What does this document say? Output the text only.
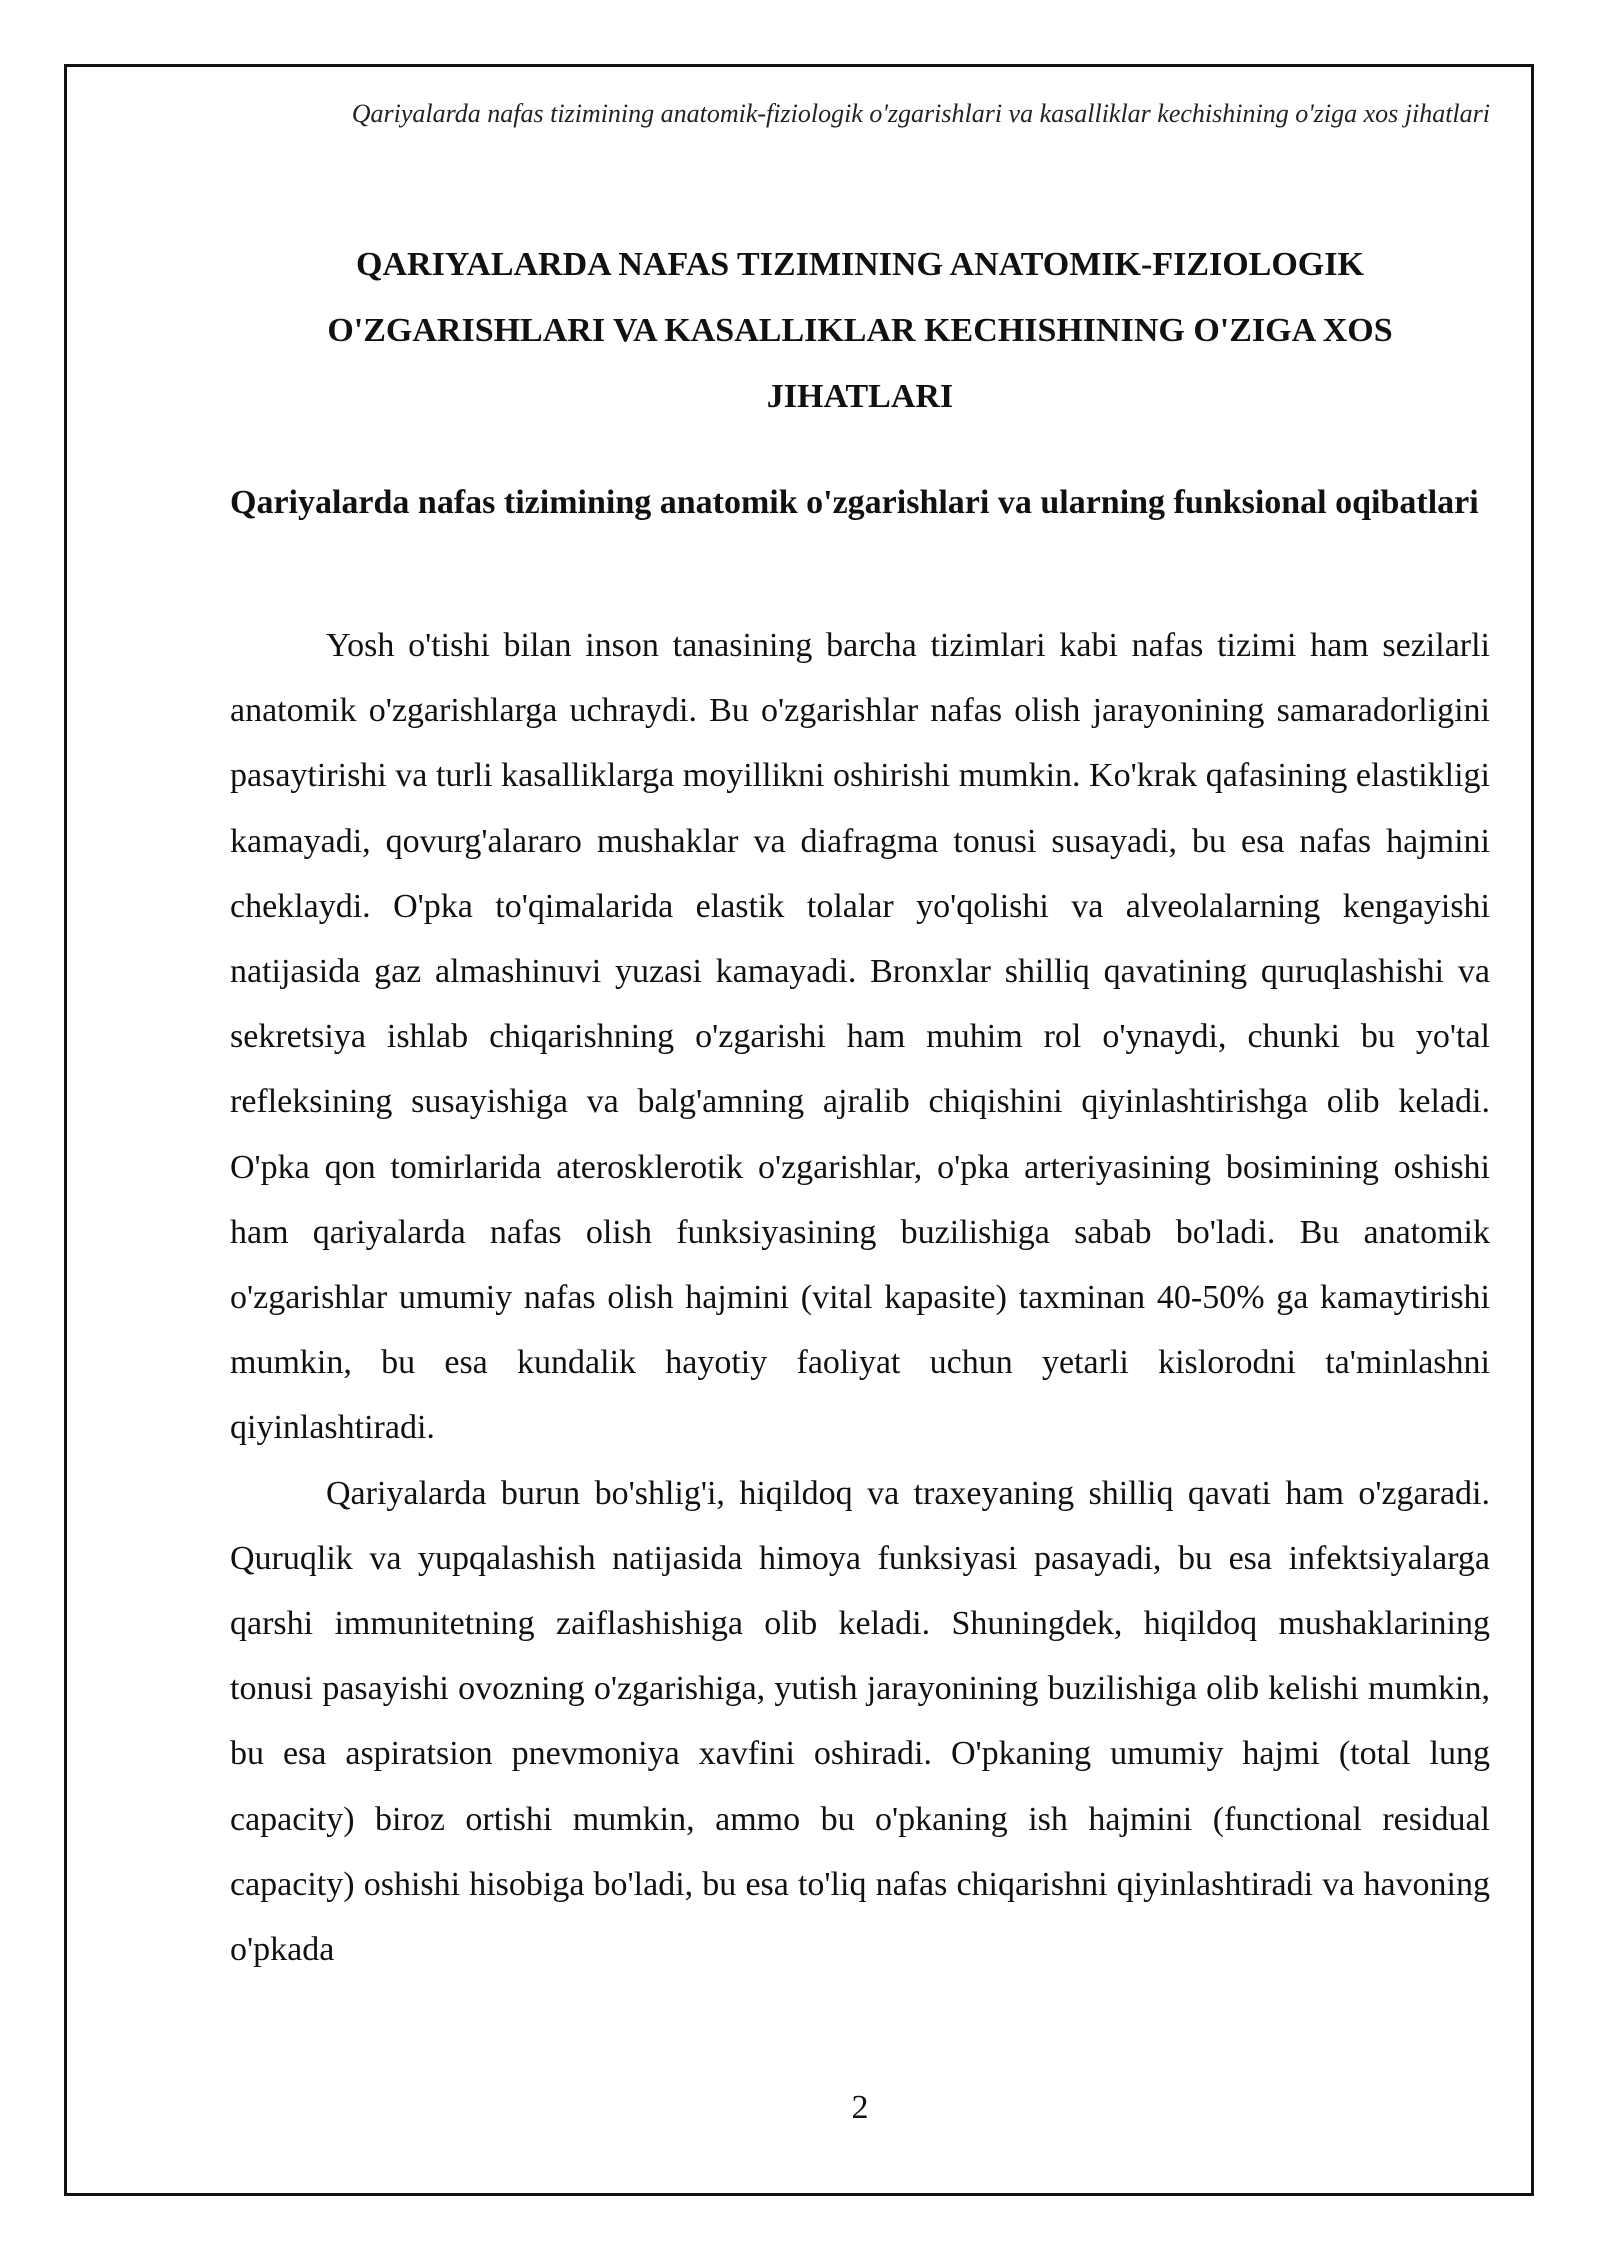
Qariyalarda nafas tizimining anatomik-fiziologik o'zgarishlari va kasalliklar kechishining o'ziga xos jihatlari
QARIYALARDA NAFAS TIZIMINING ANATOMIK-FIZIOLOGIK O'ZGARISHLARI VA KASALLIKLAR KECHISHINING O'ZIGA XOS JIHATLARI
Qariyalarda nafas tizimining anatomik o'zgarishlari va ularning funksional oqibatlari

Yosh o'tishi bilan inson tanasining barcha tizimlari kabi nafas tizimi ham sezilarli anatomik o'zgarishlarga uchraydi. Bu o'zgarishlar nafas olish jarayonining samaradorligini pasaytirishi va turli kasalliklarga moyillikni oshirishi mumkin. Ko'krak qafasining elastikligi kamayadi, qovurg'alararo mushaklar va diafragma tonusi susayadi, bu esa nafas hajmini cheklaydi. O'pka to'qimalarida elastik tolalar yo'qolishi va alveolalarning kengayishi natijasida gaz almashinuvi yuzasi kamayadi. Bronxlar shilliq qavatining quruqlashishi va sekretsiya ishlab chiqarishning o'zgarishi ham muhim rol o'ynaydi, chunki bu yo'tal refleksining susayishiga va balg'amning ajralib chiqishini qiyinlashtirishga olib keladi. O'pka qon tomirlarida aterosklerotik o'zgarishlar, o'pka arteriyasining bosimining oshishi ham qariyalarda nafas olish funksiyasining buzilishiga sabab bo'ladi. Bu anatomik o'zgarishlar umumiy nafas olish hajmini (vital kapasite) taxminan 40-50% ga kamaytirishi mumkin, bu esa kundalik hayotiy faoliyat uchun yetarli kislorodni ta'minlashni qiyinlashtiradi.

Qariyalarda burun bo'shlig'i, hiqildoq va traxeyaning shilliq qavati ham o'zgaradi. Quruqlik va yupqalashish natijasida himoya funksiyasi pasayadi, bu esa infektsiyalarga qarshi immunitetning zaiflashishiga olib keladi. Shuningdek, hiqildoq mushaklarining tonusi pasayishi ovozning o'zgarishiga, yutish jarayonining buzilishiga olib kelishi mumkin, bu esa aspiratsion pnevmoniya xavfini oshiradi. O'pkaning umumiy hajmi (total lung capacity) biroz ortishi mumkin, ammo bu o'pkaning ish hajmini (functional residual capacity) oshishi hisobiga bo'ladi, bu esa to'liq nafas chiqarishni qiyinlashtiradi va havoning o'pkada

2
